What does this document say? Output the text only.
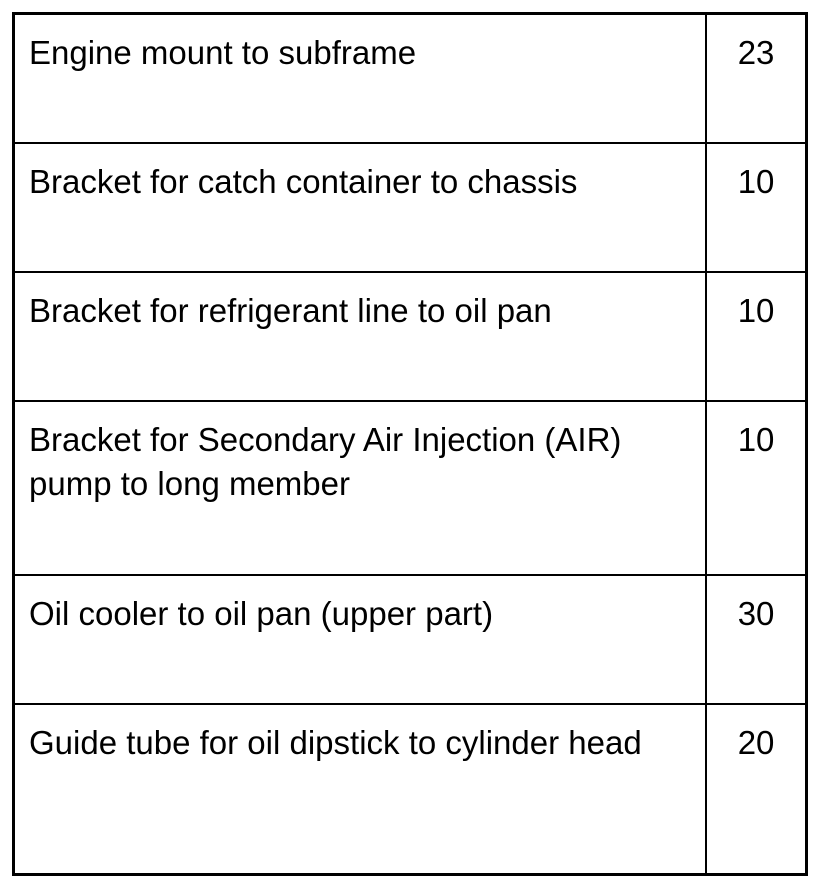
Engine mount to subframe	23
Bracket for catch container to chassis	10
Bracket for refrigerant line to oil pan	10
Bracket for Secondary Air Injection (AIR) pump to long member	10
Oil cooler to oil pan (upper part)	30
Guide tube for oil dipstick to cylinder head	20
